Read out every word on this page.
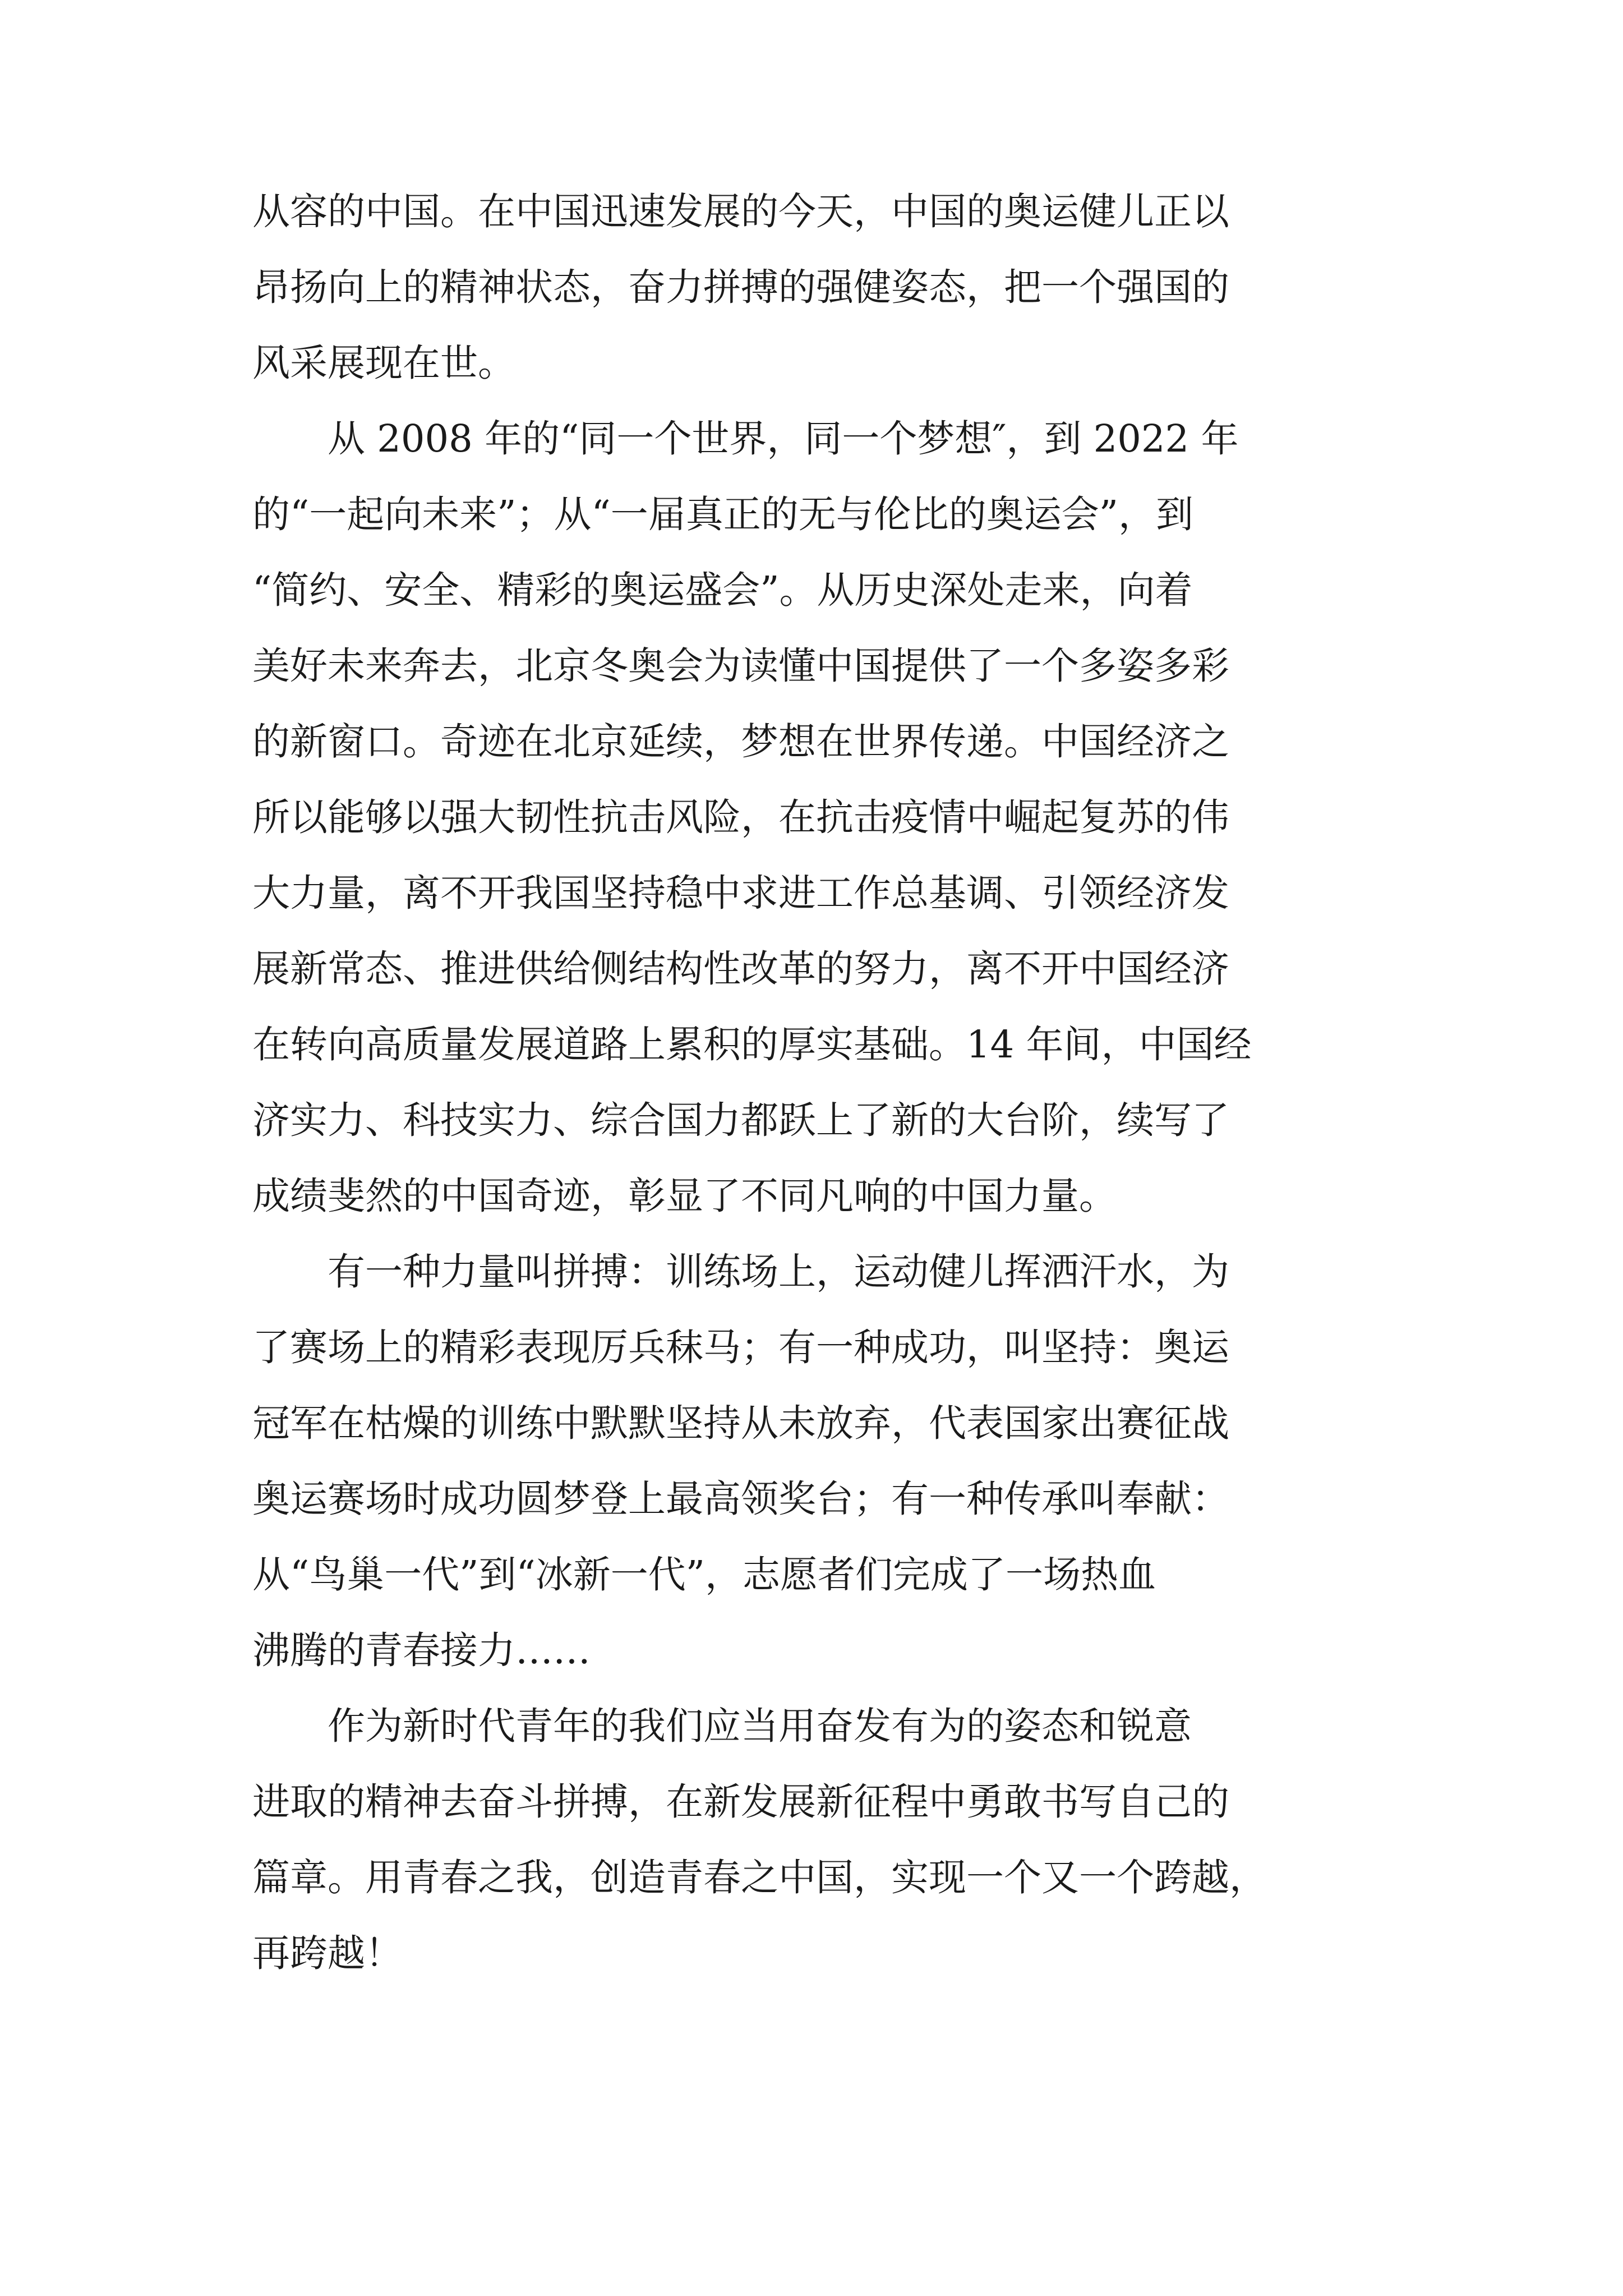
从容的中国。在中国迅速发展的今天，中国的奥运健儿正以
昂扬向上的精神状态，奋力拼搏的强健姿态，把一个强国的
风采展现在世。
　　从 2008 年的“同一个世界，同一个梦想″，到 2022 年
的“一起向未来”；从“一届真正的无与伦比的奥运会”，到
“简约、安全、精彩的奥运盛会”。从历史深处走来，向着
美好未来奔去，北京冬奥会为读懂中国提供了一个多姿多彩
的新窗口。奇迹在北京延续，梦想在世界传递。中国经济之
所以能够以强大韧性抗击风险，在抗击疫情中崛起复苏的伟
大力量，离不开我国坚持稳中求进工作总基调、引领经济发
展新常态、推进供给侧结构性改革的努力，离不开中国经济
在转向高质量发展道路上累积的厚实基础。14 年间，中国经
济实力、科技实力、综合国力都跃上了新的大台阶，续写了
成绩斐然的中国奇迹，彰显了不同凡响的中国力量。
　　有一种力量叫拼搏：训练场上，运动健儿挥洒汗水，为
了赛场上的精彩表现厉兵秣马；有一种成功，叫坚持：奥运
冠军在枯燥的训练中默默坚持从未放弃，代表国家出赛征战
奥运赛场时成功圆梦登上最高领奖台；有一种传承叫奉献：
从“鸟巢一代”到“冰新一代”，志愿者们完成了一场热血
沸腾的青春接力……
　　作为新时代青年的我们应当用奋发有为的姿态和锐意
进取的精神去奋斗拼搏，在新发展新征程中勇敢书写自己的
篇章。用青春之我，创造青春之中国，实现一个又一个跨越，
再跨越！
